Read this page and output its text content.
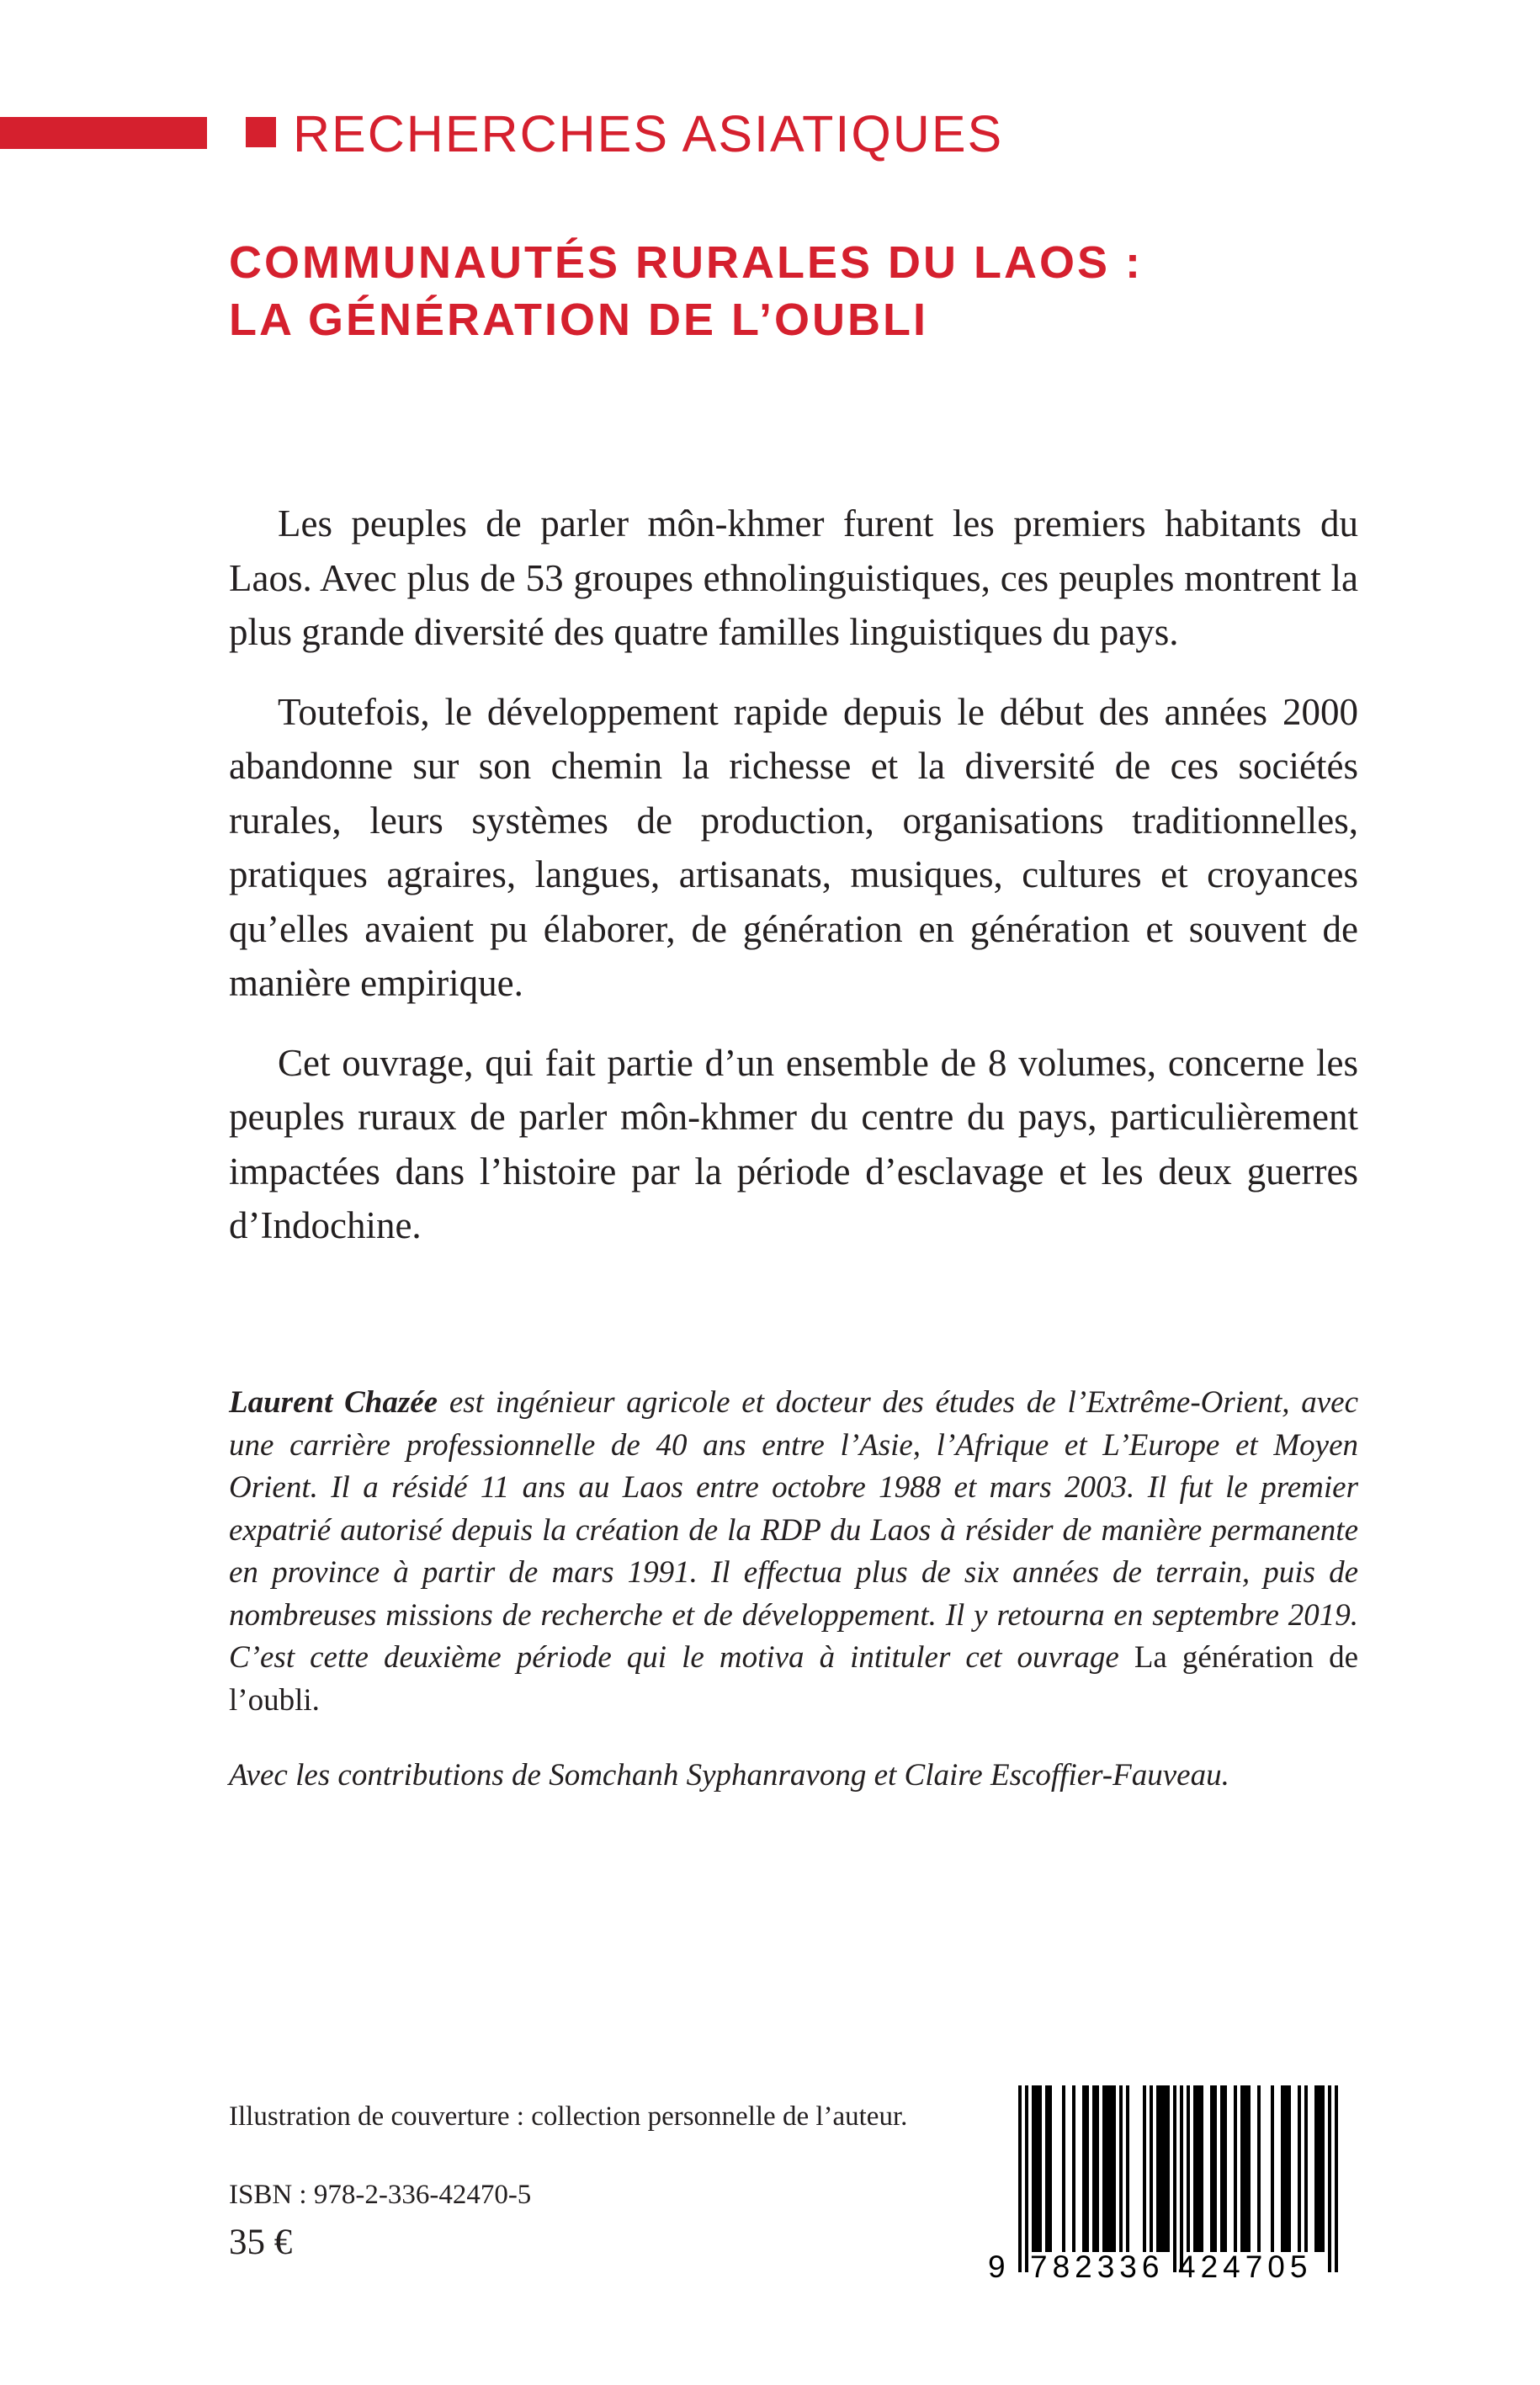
RECHERCHES ASIATIQUES
COMMUNAUTÉS RURALES DU LAOS :
LA GÉNÉRATION DE L’OUBLI

Les peuples de parler môn-khmer furent les premiers habitants du Laos. Avec plus de 53 groupes ethnolinguistiques, ces peuples montrent la plus grande diversité des quatre familles linguistiques du pays.

Toutefois, le développement rapide depuis le début des années 2000 abandonne sur son chemin la richesse et la diversité de ces sociétés rurales, leurs systèmes de production, organisations traditionnelles, pratiques agraires, langues, artisanats, musiques, cultures et croyances qu’elles avaient pu élaborer, de génération en génération et souvent de manière empirique.

Cet ouvrage, qui fait partie d’un ensemble de 8 volumes, concerne les peuples ruraux de parler môn-khmer du centre du pays, particulièrement impactées dans l’histoire par la période d’esclavage et les deux guerres d’Indochine.

Laurent Chazée est ingénieur agricole et docteur des études de l’Extrême-Orient, avec une carrière professionnelle de 40 ans entre l’Asie, l’Afrique et L’Europe et Moyen Orient. Il a résidé 11 ans au Laos entre octobre 1988 et mars 2003. Il fut le premier expatrié autorisé depuis la création de la RDP du Laos à résider de manière permanente en province à partir de mars 1991. Il effectua plus de six années de terrain, puis de nombreuses missions de recherche et de développement. Il y retourna en septembre 2019. C’est cette deuxième période qui le motiva à intituler cet ouvrage La génération de l’oubli.

Avec les contributions de Somchanh Syphanravong et Claire Escoffier-Fauveau.
Illustration de couverture : collection personnelle de l’auteur.
ISBN : 978-2-336-42470-5
35 €
9 782336 424705
